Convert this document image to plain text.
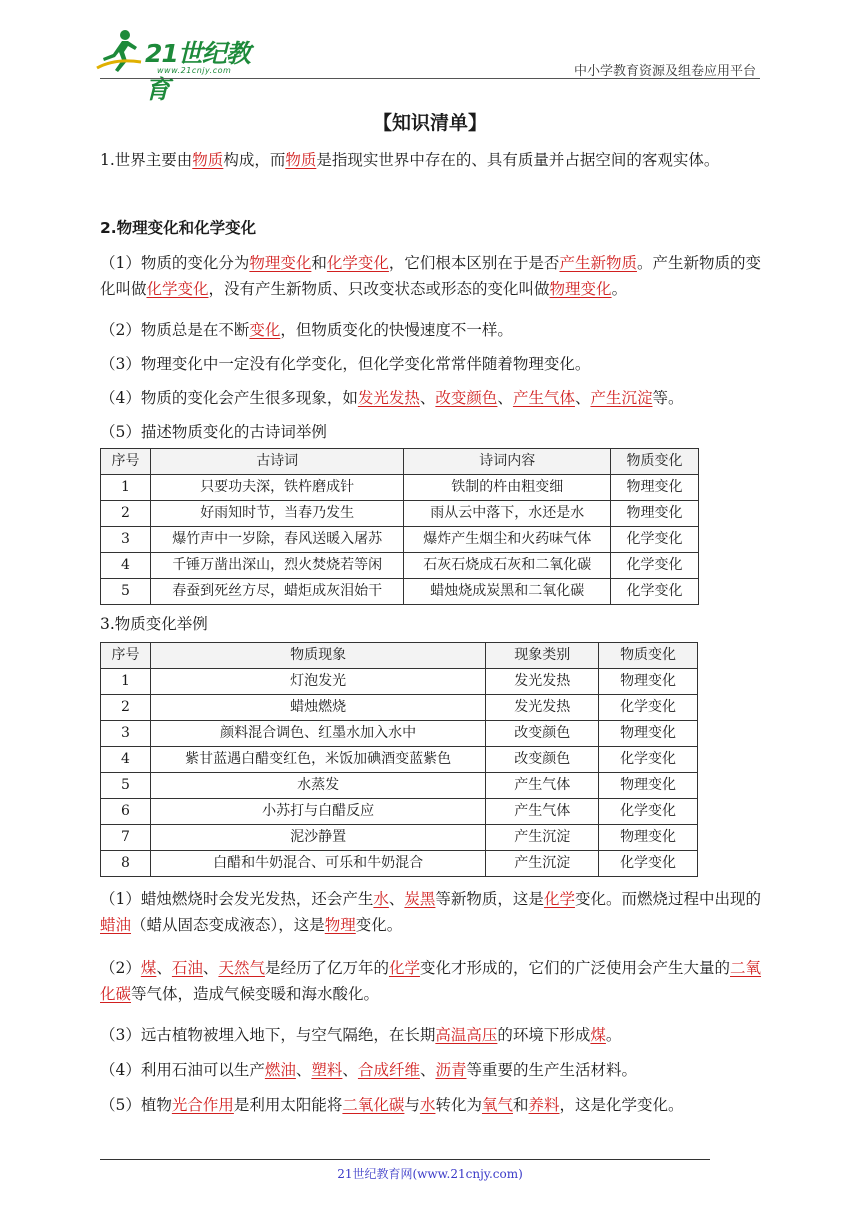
21世纪教育
www.21cnjy.com	中小学教育资源及组卷应用平台
【知识清单】
1.世界主要由物质构成，而物质是指现实世界中存在的、具有质量并占据空间的客观实体。
2.物理变化和化学变化
（1）物质的变化分为物理变化和化学变化，它们根本区别在于是否产生新物质。产生新物质的变化叫做化学变化，没有产生新物质、只改变状态或形态的变化叫做物理变化。
（2）物质总是在不断变化，但物质变化的快慢速度不一样。
（3）物理变化中一定没有化学变化，但化学变化常常伴随着物理变化。
（4）物质的变化会产生很多现象，如发光发热、改变颜色、产生气体、产生沉淀等。
（5）描述物质变化的古诗词举例
序号	古诗词	诗词内容	物质变化
1	只要功夫深，铁杵磨成针	铁制的杵由粗变细	物理变化
2	好雨知时节，当春乃发生	雨从云中落下，水还是水	物理变化
3	爆竹声中一岁除，春风送暖入屠苏	爆炸产生烟尘和火药味气体	化学变化
4	千锤万凿出深山，烈火焚烧若等闲	石灰石烧成石灰和二氧化碳	化学变化
5	春蚕到死丝方尽，蜡炬成灰泪始干	蜡烛烧成炭黑和二氧化碳	化学变化
3.物质变化举例
序号	物质现象	现象类别	物质变化
1	灯泡发光	发光发热	物理变化
2	蜡烛燃烧	发光发热	化学变化
3	颜料混合调色、红墨水加入水中	改变颜色	物理变化
4	紫甘蓝遇白醋变红色，米饭加碘酒变蓝紫色	改变颜色	化学变化
5	水蒸发	产生气体	物理变化
6	小苏打与白醋反应	产生气体	化学变化
7	泥沙静置	产生沉淀	物理变化
8	白醋和牛奶混合、可乐和牛奶混合	产生沉淀	化学变化
（1）蜡烛燃烧时会发光发热，还会产生水、炭黑等新物质，这是化学变化。而燃烧过程中出现的蜡油（蜡从固态变成液态），这是物理变化。
（2）煤、石油、天然气是经历了亿万年的化学变化才形成的，它们的广泛使用会产生大量的二氧化碳等气体，造成气候变暖和海水酸化。
（3）远古植物被埋入地下，与空气隔绝，在长期高温高压的环境下形成煤。
（4）利用石油可以生产燃油、塑料、合成纤维、沥青等重要的生产生活材料。
（5）植物光合作用是利用太阳能将二氧化碳与水转化为氧气和养料，这是化学变化。
21世纪教育网(www.21cnjy.com)
